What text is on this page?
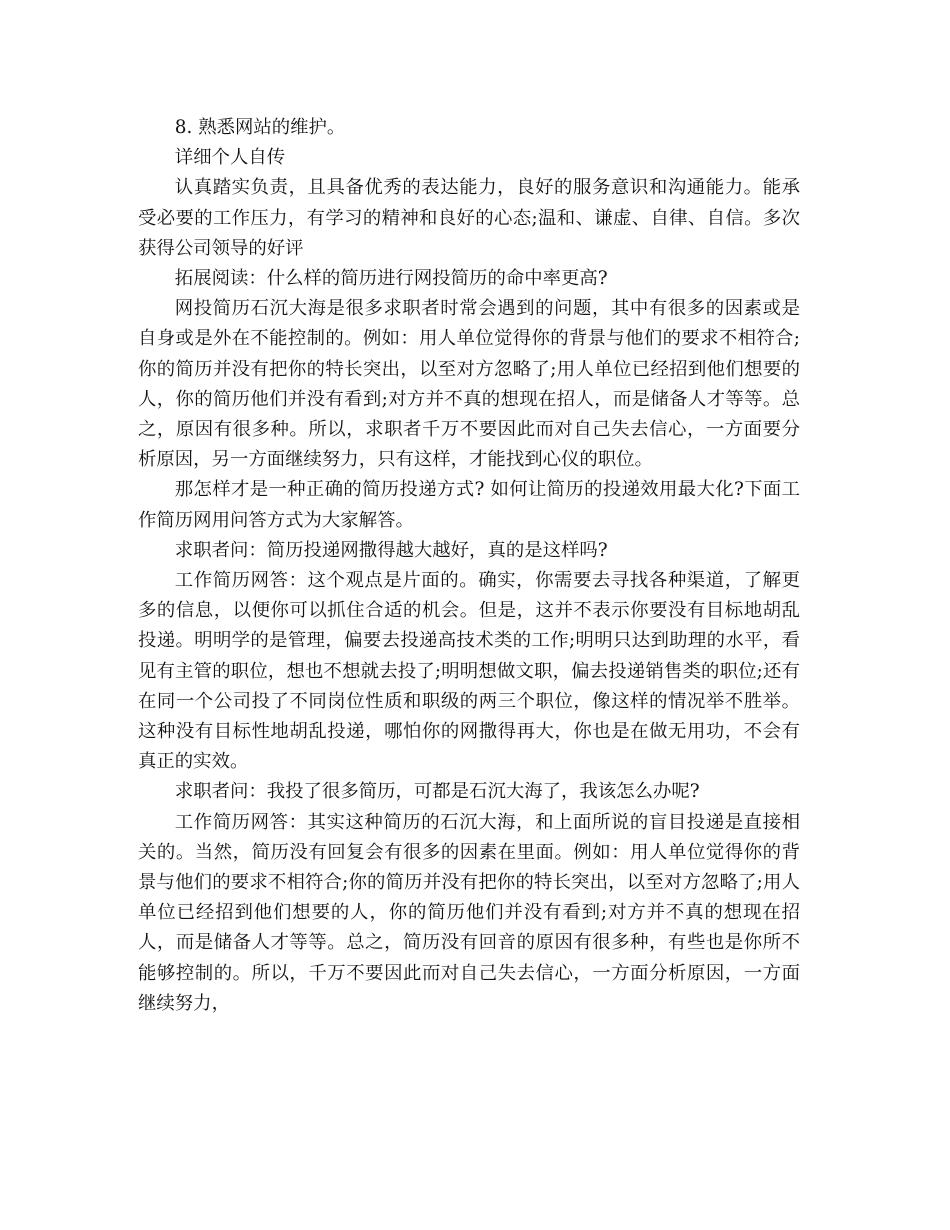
8. 熟悉网站的维护。

详细个人自传

认真踏实负责，且具备优秀的表达能力，良好的服务意识和沟通能力。能承受必要的工作压力，有学习的精神和良好的心态;温和、谦虚、自律、自信。多次获得公司领导的好评

拓展阅读：什么样的简历进行网投简历的命中率更高?

网投简历石沉大海是很多求职者时常会遇到的问题，其中有很多的因素或是自身或是外在不能控制的。例如：用人单位觉得你的背景与他们的要求不相符合;你的简历并没有把你的特长突出，以至对方忽略了;用人单位已经招到他们想要的人，你的简历他们并没有看到;对方并不真的想现在招人，而是储备人才等等。总之，原因有很多种。所以，求职者千万不要因此而对自己失去信心，一方面要分析原因，另一方面继续努力，只有这样，才能找到心仪的职位。

那怎样才是一种正确的简历投递方式? 如何让简历的投递效用最大化?下面工作简历网用问答方式为大家解答。

求职者问：简历投递网撒得越大越好，真的是这样吗?

工作简历网答：这个观点是片面的。确实，你需要去寻找各种渠道，了解更多的信息，以便你可以抓住合适的机会。但是，这并不表示你要没有目标地胡乱投递。明明学的是管理，偏要去投递高技术类的工作;明明只达到助理的水平，看见有主管的职位，想也不想就去投了;明明想做文职，偏去投递销售类的职位;还有在同一个公司投了不同岗位性质和职级的两三个职位，像这样的情况举不胜举。这种没有目标性地胡乱投递，哪怕你的网撒得再大，你也是在做无用功，不会有真正的实效。

求职者问：我投了很多简历，可都是石沉大海了，我该怎么办呢?

工作简历网答：其实这种简历的石沉大海，和上面所说的盲目投递是直接相关的。当然，简历没有回复会有很多的因素在里面。例如：用人单位觉得你的背景与他们的要求不相符合;你的简历并没有把你的特长突出，以至对方忽略了;用人单位已经招到他们想要的人，你的简历他们并没有看到;对方并不真的想现在招人，而是储备人才等等。总之，简历没有回音的原因有很多种，有些也是你所不能够控制的。所以，千万不要因此而对自己失去信心，一方面分析原因，一方面继续努力，
